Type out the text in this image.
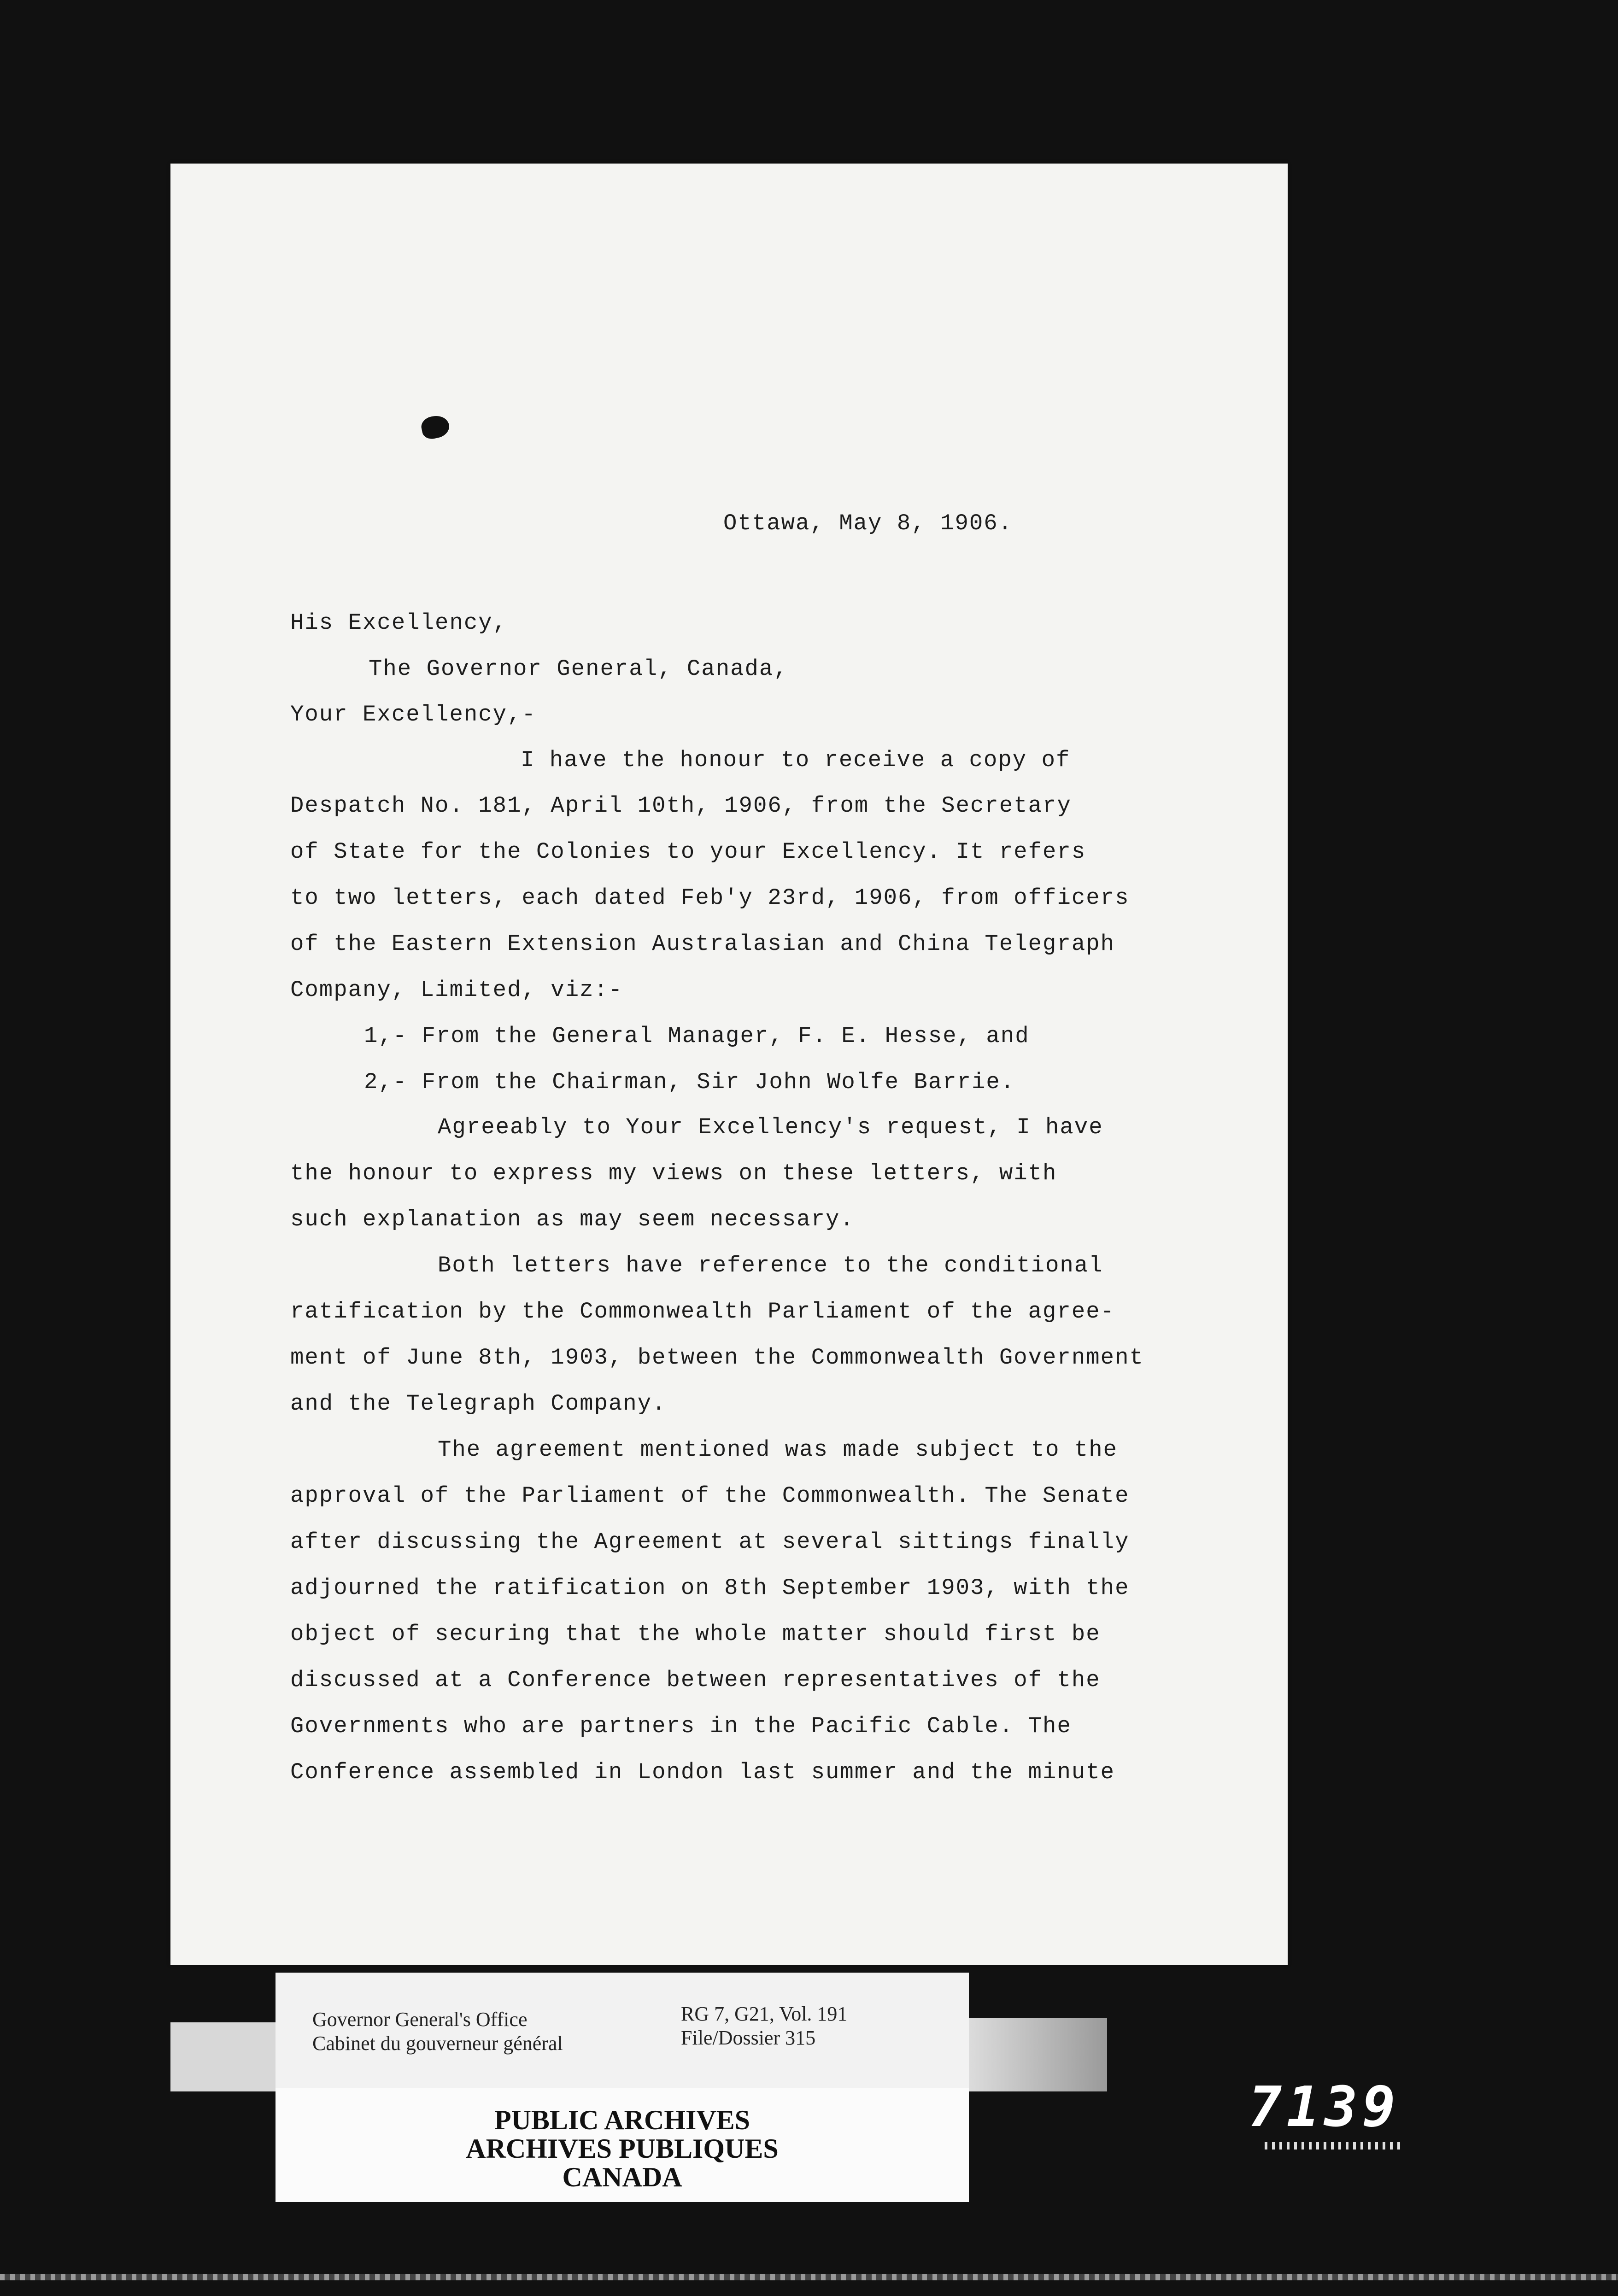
Ottawa, May 8, 1906.
His Excellency,
The Governor General, Canada,
Your Excellency,-
I have the honour to receive a copy of
Despatch No. 181, April 10th, 1906, from the Secretary
of State for the Colonies to your Excellency. It refers
to two letters, each dated Feb'y 23rd, 1906, from officers
of the Eastern Extension Australasian and China Telegraph
Company, Limited, viz:-
1,- From the General Manager, F. E. Hesse, and
2,- From the Chairman, Sir John Wolfe Barrie.
Agreeably to Your Excellency's request, I have
the honour to express my views on these letters, with
such explanation as may seem necessary.
Both letters have reference to the conditional
ratification by the Commonwealth Parliament of the agree-
ment of June 8th, 1903, between the Commonwealth Government
and the Telegraph Company.
The agreement mentioned was made subject to the
approval of the Parliament of the Commonwealth. The Senate
after discussing the Agreement at several sittings finally
adjourned the ratification on 8th September 1903, with the
object of securing that the whole matter should first be
discussed at a Conference between representatives of the
Governments who are partners in the Pacific Cable. The
Conference assembled in London last summer and the minute
Governor General's Office
Cabinet du gouverneur général
RG 7, G21, Vol. 191
File/Dossier 315
PUBLIC ARCHIVES
ARCHIVES PUBLIQUES
CANADA
7139
